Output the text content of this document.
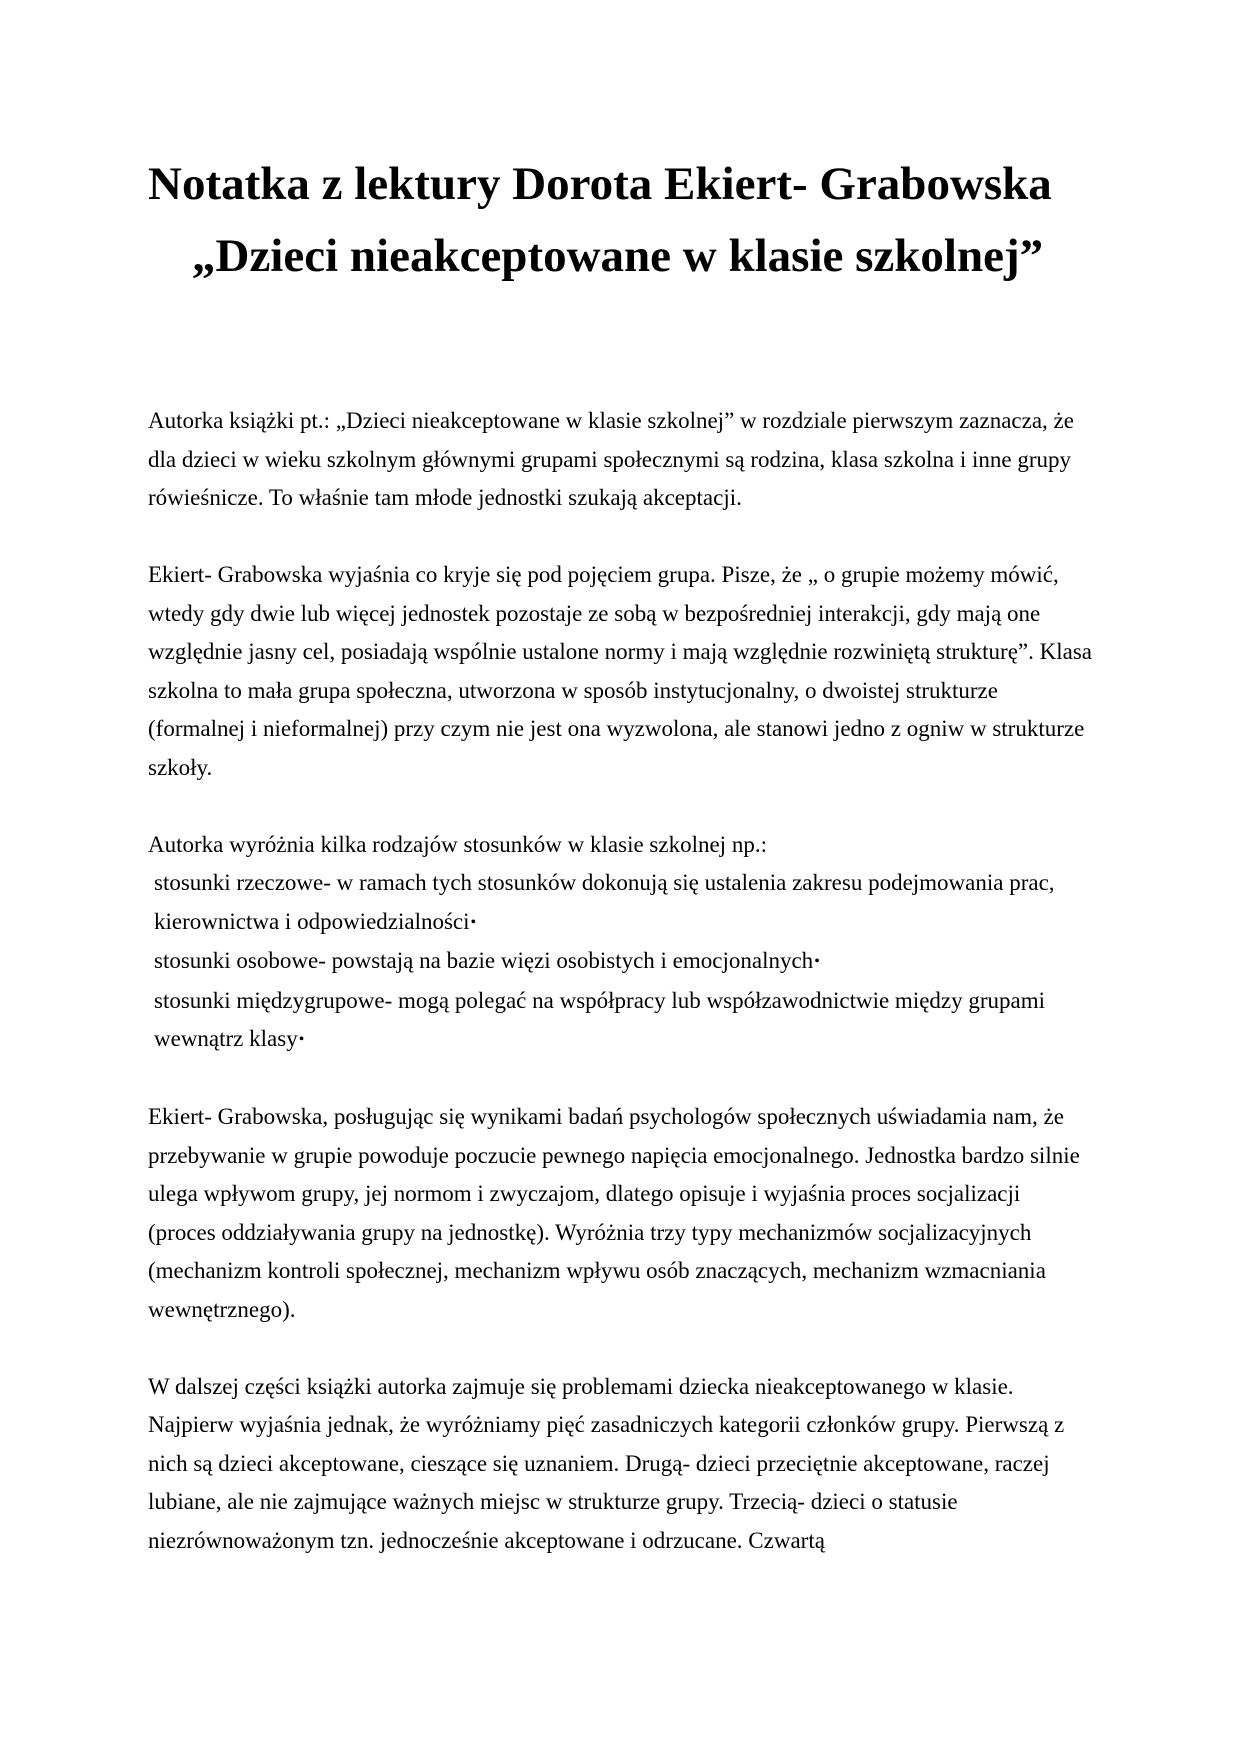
Notatka z lektury Dorota Ekiert- Grabowska „Dzieci nieakceptowane w klasie szkolnej”

Autorka książki pt.: „Dzieci nieakceptowane w klasie szkolnej” w rozdziale pierwszym zaznacza, że dla dzieci w wieku szkolnym głównymi grupami społecznymi są rodzina, klasa szkolna i inne grupy rówieśnicze. To właśnie tam młode jednostki szukają akceptacji.

Ekiert- Grabowska wyjaśnia co kryje się pod pojęciem grupa. Pisze, że „ o grupie możemy mówić, wtedy gdy dwie lub więcej jednostek pozostaje ze sobą w bezpośredniej interakcji, gdy mają one względnie jasny cel, posiadają wspólnie ustalone normy i mają względnie rozwiniętą strukturę”. Klasa szkolna to mała grupa społeczna, utworzona w sposób instytucjonalny, o dwoistej strukturze (formalnej i nieformalnej) przy czym nie jest ona wyzwolona, ale stanowi jedno z ogniw w strukturze szkoły.

Autorka wyróżnia kilka rodzajów stosunków w klasie szkolnej np.:

stosunki rzeczowe- w ramach tych stosunków dokonują się ustalenia zakresu podejmowania prac, kierownictwa i odpowiedzialności•

stosunki osobowe- powstają na bazie więzi osobistych i emocjonalnych•

stosunki międzygrupowe- mogą polegać na współpracy lub współzawodnictwie między grupami wewnątrz klasy•

Ekiert- Grabowska, posługując się wynikami badań psychologów społecznych uświadamia nam, że przebywanie w grupie powoduje poczucie pewnego napięcia emocjonalnego. Jednostka bardzo silnie ulega wpływom grupy, jej normom i zwyczajom, dlatego opisuje i wyjaśnia proces socjalizacji (proces oddziaływania grupy na jednostkę). Wyróżnia trzy typy mechanizmów socjalizacyjnych (mechanizm kontroli społecznej, mechanizm wpływu osób znaczących, mechanizm wzmacniania wewnętrznego).

W dalszej części książki autorka zajmuje się problemami dziecka nieakceptowanego w klasie. Najpierw wyjaśnia jednak, że wyróżniamy pięć zasadniczych kategorii członków grupy. Pierwszą z nich są dzieci akceptowane, cieszące się uznaniem. Drugą- dzieci przeciętnie akceptowane, raczej lubiane, ale nie zajmujące ważnych miejsc w strukturze grupy. Trzecią- dzieci o statusie niezrównoważonym tzn. jednocześnie akceptowane i odrzucane. Czwartą
